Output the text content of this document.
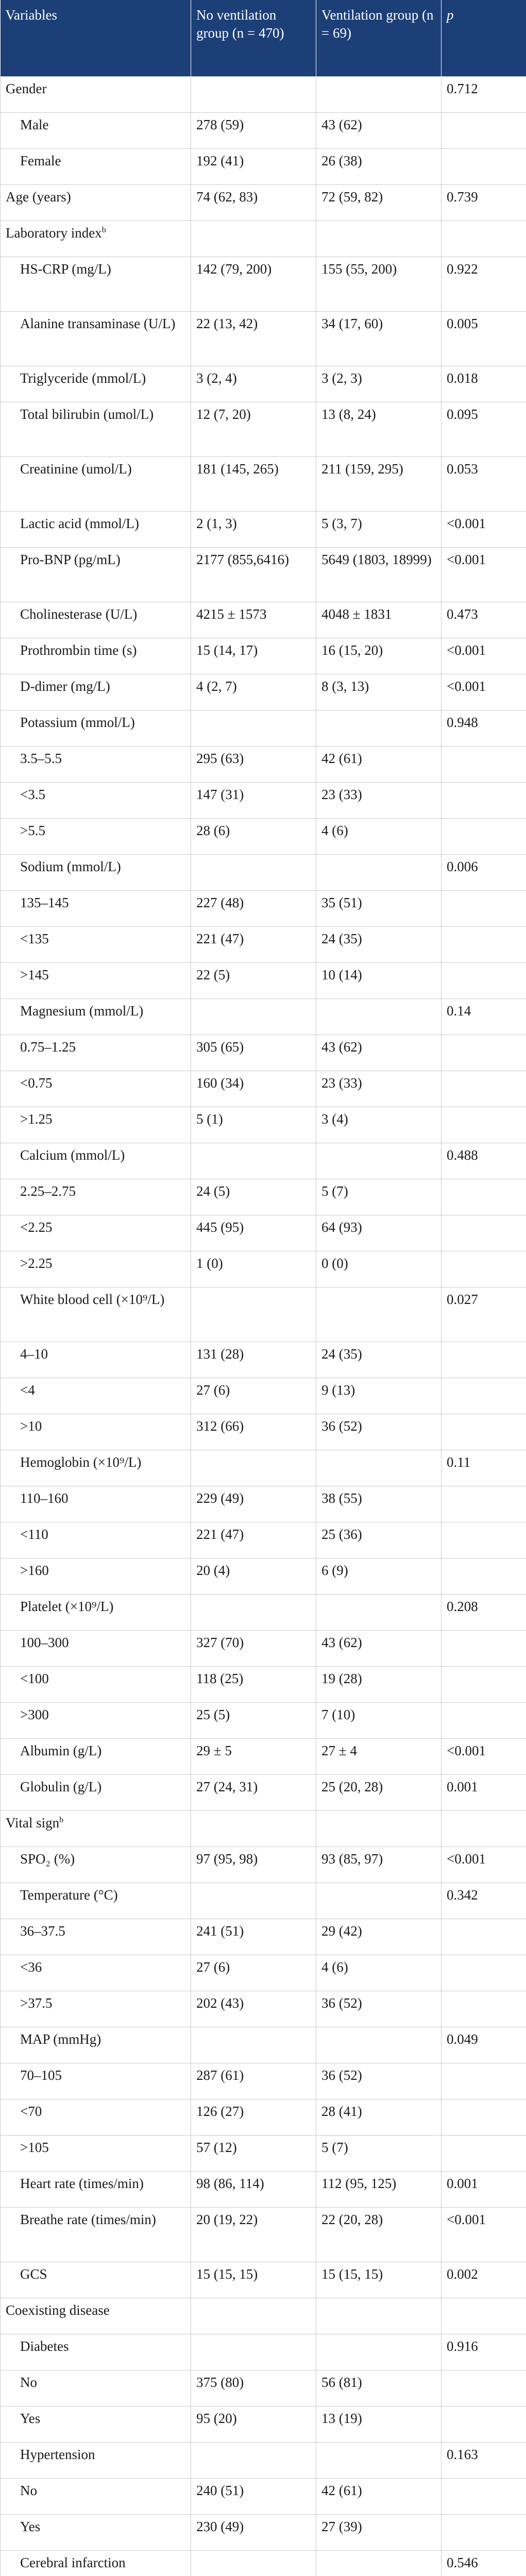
Variables	No ventilation group (n = 470)	Ventilation group (n = 69)	p
Gender			0.712
Male	278 (59)	43 (62)	
Female	192 (41)	26 (38)	
Age (years)	74 (62, 83)	72 (59, 82)	0.739
Laboratory index$^b$			
HS-CRP (mg/L)	142 (79, 200)	155 (55, 200)	0.922
Alanine transaminase (U/L)	22 (13, 42)	34 (17, 60)	0.005
Triglyceride (mmol/L)	3 (2, 4)	3 (2, 3)	0.018
Total bilirubin (umol/L)	12 (7, 20)	13 (8, 24)	0.095
Creatinine (umol/L)	181 (145, 265)	211 (159, 295)	0.053
Lactic acid (mmol/L)	2 (1, 3)	5 (3, 7)	<0.001
Pro-BNP (pg/mL)	2177 (855,6416)	5649 (1803, 18999)	<0.001
Cholinesterase (U/L)	4215 ± 1573	4048 ± 1831	0.473
Prothrombin time (s)	15 (14, 17)	16 (15, 20)	<0.001
D-dimer (mg/L)	4 (2, 7)	8 (3, 13)	<0.001
Potassium (mmol/L)			0.948
3.5–5.5	295 (63)	42 (61)	
<3.5	147 (31)	23 (33)	
>5.5	28 (6)	4 (6)	
Sodium (mmol/L)			0.006
135–145	227 (48)	35 (51)	
<135	221 (47)	24 (35)	
>145	22 (5)	10 (14)	
Magnesium (mmol/L)			0.14
0.75–1.25	305 (65)	43 (62)	
<0.75	160 (34)	23 (33)	
>1.25	5 (1)	3 (4)	
Calcium (mmol/L)			0.488
2.25–2.75	24 (5)	5 (7)	
<2.25	445 (95)	64 (93)	
>2.25	1 (0)	0 (0)	
White blood cell (×10⁹/L)			0.027
4–10	131 (28)	24 (35)	
<4	27 (6)	9 (13)	
>10	312 (66)	36 (52)	
Hemoglobin (×10⁹/L)			0.11
110–160	229 (49)	38 (55)	
<110	221 (47)	25 (36)	
>160	20 (4)	6 (9)	
Platelet (×10⁹/L)			0.208
100–300	327 (70)	43 (62)	
<100	118 (25)	19 (28)	
>300	25 (5)	7 (10)	
Albumin (g/L)	29 ± 5	27 ± 4	<0.001
Globulin (g/L)	27 (24, 31)	25 (20, 28)	0.001
Vital sign$^b$			
SPO₂ (%)	97 (95, 98)	93 (85, 97)	<0.001
Temperature (°C)			0.342
36–37.5	241 (51)	29 (42)	
<36	27 (6)	4 (6)	
>37.5	202 (43)	36 (52)	
MAP (mmHg)			0.049
70–105	287 (61)	36 (52)	
<70	126 (27)	28 (41)	
>105	57 (12)	5 (7)	
Heart rate (times/min)	98 (86, 114)	112 (95, 125)	0.001
Breathe rate (times/min)	20 (19, 22)	22 (20, 28)	<0.001
GCS	15 (15, 15)	15 (15, 15)	0.002
Coexisting disease			
Diabetes			0.916
No	375 (80)	56 (81)	
Yes	95 (20)	13 (19)	
Hypertension			0.163
No	240 (51)	42 (61)	
Yes	230 (49)	27 (39)	
Cerebral infarction			0.546
